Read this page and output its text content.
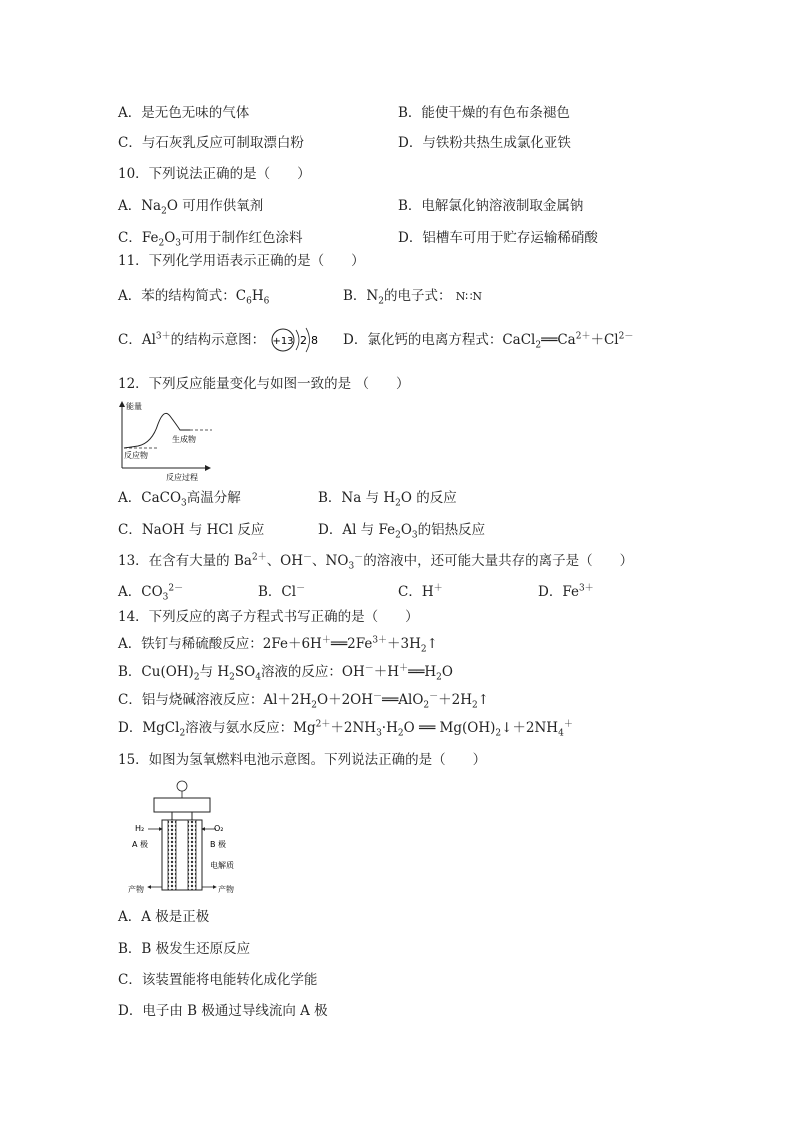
A．是无色无味的气体	B．能使干燥的有色布条褪色
C．与石灰乳反应可制取漂白粉	D．与铁粉共热生成氯化亚铁
10．下列说法正确的是（　　）
A．$Na_2O$ 可用作供氧剂	B．电解氯化钠溶液制取金属钠
C．$Fe_2O_3$可用于制作红色涂料	D．铝槽车可用于贮存运输稀硝酸
11．下列化学用语表示正确的是（　　）
A．苯的结构简式：$C_6H_6$	B．$N_2$的电子式： N∷N
C．$Al^{3+}$的结构示意图： +13 2 8 D．氯化钙的电离方程式：$CaCl_2══Ca^{2+}+Cl^{2-}$
12．下列反应能量变化与如图一致的是 （　　）
能量
反应过程
生成物
反应物
A．CaCO$_3$高温分解	B．Na 与 $H_2O$ 的反应
C．NaOH 与 HCl 反应	D．Al 与 $Fe_2O_3$的铝热反应
13．在含有大量的 $Ba^{2+}$、OH－、$NO_3^-$的溶液中，还可能大量共存的离子是（　　）
A．$CO_3^{2-}$	B．Cl－	C．H＋	D．$Fe^{3+}$
14．下列反应的离子方程式书写正确的是（　　）
A．铁钉与稀硫酸反应：$2Fe+6H^+══2Fe^{3+}+3H_2↑$
B．$Cu(OH)_2$与 $H_2SO_4$溶液的反应：$OH^-+H^+══H_2O$
C．铝与烧碱溶液反应：$Al+2H_2O+2OH^-══AlO_2^-+2H_2↑$
D．MgCl$_2$溶液与氨水反应：$Mg^{2+}+2NH_3\cdot H_2O$ ══ $Mg(OH)_2↓+2NH_4^+$
15．如图为氢氧燃料电池示意图。下列说法正确的是（　　）
H₂	O₂
A 极	B 极
电解质
产物	产物
A．A 极是正极
B．B 极发生还原反应
C．该装置能将电能转化成化学能
D．电子由 B 极通过导线流向 A 极
